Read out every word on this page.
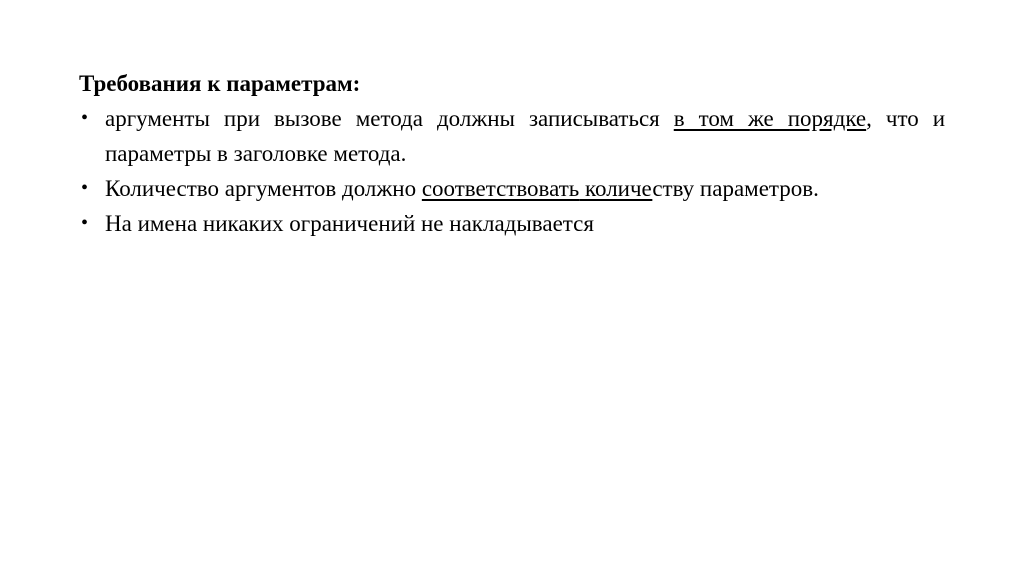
Требования к параметрам:

• аргументы при вызове метода должны записываться в том же порядке, что и параметры в заголовке метода.
• Количество аргументов должно соответствовать количеству параметров.
• На имена никаких ограничений не накладывается
